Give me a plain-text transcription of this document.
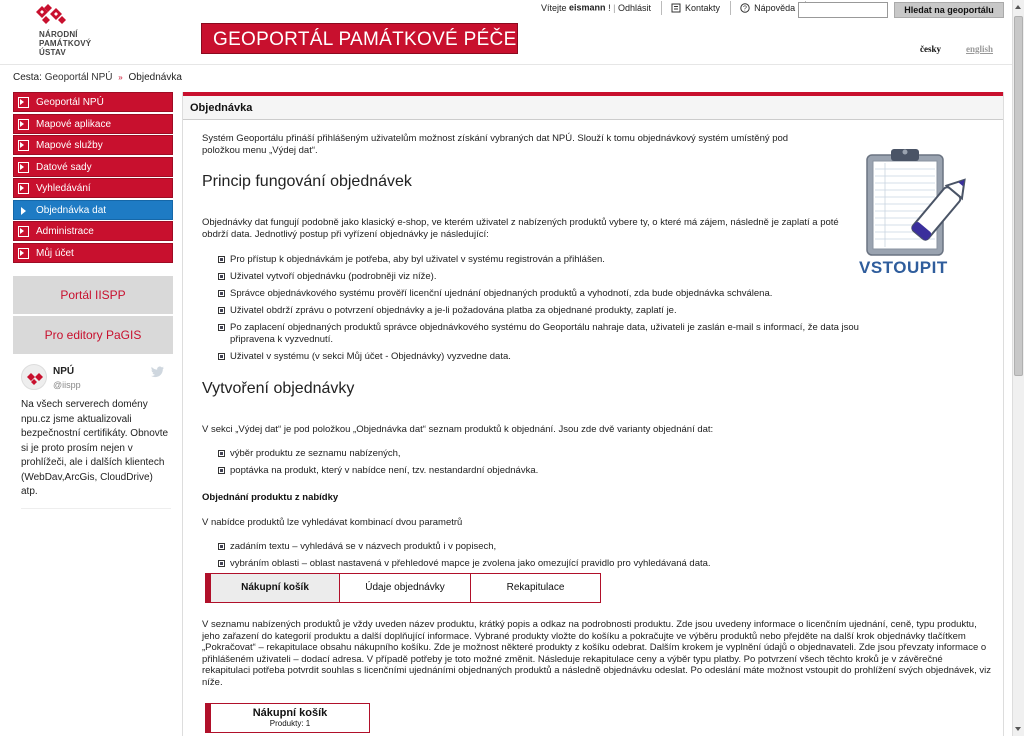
NÁRODNÍ
PAMÁTKOVÝ
ÚSTAV
GEOPORTÁL PAMÁTKOVÉ PÉČE
Vítejte eismann ! | Odhlásit	Kontakty	? Nápověda	Hledat na geoportálu
česky	english
Cesta: Geoportál NPÚ » Objednávka
Geoportál NPÚ
Mapové aplikace
Mapové služby
Datové sady
Vyhledávání
Objednávka dat
Administrace
Můj účet
Portál IISPP
Pro editory PaGIS
NPÚ
@iispp
Na všech serverech domény npu.cz jsme aktualizovali bezpečnostní certifikáty. Obnovte si je proto prosím nejen v prohlížeči, ale i dalších klientech (WebDav,ArcGis, CloudDrive) atp.
Objednávka
Systém Geoportálu přináší přihlášeným uživatelům možnost získání vybraných dat NPÚ. Slouží k tomu objednávkový systém umístěný pod položkou menu „Výdej dat“.
Princip fungování objednávek
Objednávky dat fungují podobně jako klasický e-shop, ve kterém uživatel z nabízených produktů vybere ty, o které má zájem, následně je zaplatí a poté obdrží data. Jednotlivý postup při vyřízení objednávky je následující:
Pro přístup k objednávkám je potřeba, aby byl uživatel v systému registrován a přihlášen.
Uživatel vytvoří objednávku (podrobněji viz níže).
Správce objednávkového systému prověří licenční ujednání objednaných produktů a vyhodnotí, zda bude objednávka schválena.
Uživatel obdrží zprávu o potvrzení objednávky a je-li požadována platba za objednané produkty, zaplatí je.
Po zaplacení objednaných produktů správce objednávkového systému do Geoportálu nahraje data, uživateli je zaslán e-mail s informací, že data jsou připravena k vyzvednutí.
Uživatel v systému (v sekci Můj účet - Objednávky) vyzvedne data.
Vytvoření objednávky
V sekci „Výdej dat“ je pod položkou „Objednávka dat“ seznam produktů k objednání. Jsou zde dvě varianty objednání dat:
výběr produktu ze seznamu nabízených,
poptávka na produkt, který v nabídce není, tzv. nestandardní objednávka.
Objednání produktu z nabídky
V nabídce produktů lze vyhledávat kombinací dvou parametrů
zadáním textu – vyhledává se v názvech produktů i v popisech,
vybráním oblasti – oblast nastavená v přehledové mapce je zvolena jako omezující pravidlo pro vyhledávaná data.
Nákupní košík	Údaje objednávky	Rekapitulace
V seznamu nabízených produktů je vždy uveden název produktu, krátký popis a odkaz na podrobnosti produktu. Zde jsou uvedeny informace o licenčním ujednání, ceně, typu produktu, jeho zařazení do kategorií produktu a další doplňující informace. Vybrané produkty vložte do košíku a pokračujte ve výběru produktů nebo přejděte na další krok objednávky tlačítkem „Pokračovat“ – rekapitulace obsahu nákupního košíku. Zde je možnost některé produkty z košíku odebrat. Dalším krokem je vyplnění údajů o objednavateli. Zde jsou převzaty informace o přihlášeném uživateli – dodací adresa. V případě potřeby je toto možné změnit. Následuje rekapitulace ceny a výběr typu platby. Po potvrzení všech těchto kroků je v závěrečné rekapitulaci potřeba potvrdit souhlas s licenčními ujednáními objednaných produktů a následně objednávku odeslat. Po odeslání máte možnost vstoupit do prohlížení svých objednávek, viz níže.
Nákupní košík
Produkty: 1
VSTOUPIT
